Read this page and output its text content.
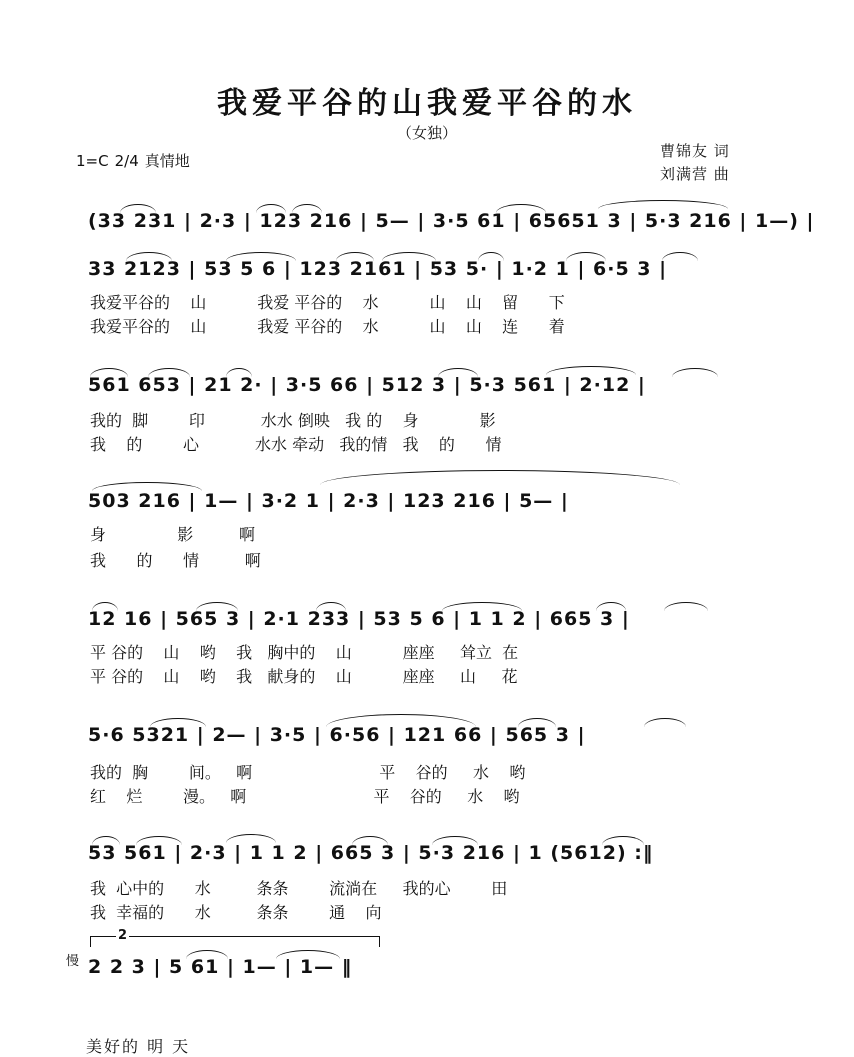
我爱平谷的山我爱平谷的水
（女独）
曹锦友 词
刘满营 曲
1=C 2/4 真情地
(33 231 | 2·3 | 123 216 | 5— | 3·5 61 | 65651 3 | 5·3 216 | 1—) |
33 2123 | 53 5 6 | 123 2161 | 53 5· | 1·2 1 | 6·5 3 |
我爱平谷的    山          我爱 平谷的    水          山    山    留      下
我爱平谷的    山          我爱 平谷的    水          山    山    连      着
561 653 | 21 2· | 3·5 66 | 512 3 | 5·3 561 | 2·12 |
我的  脚        印           水水 倒映   我 的    身            影
我    的        心           水水 牵动   我的情   我    的      情
503 216 | 1— | 3·2 1 | 2·3 | 123 216 | 5— |
身              影         啊
我      的      情         啊
12 16 | 565 3 | 2·1 233 | 53 5 6 | 1 1 2 | 665 3 |
平 谷的    山    哟    我   胸中的    山          座座     耸立  在
平 谷的    山    哟    我   献身的    山          座座     山     花
5·6 5321 | 2— | 3·5 | 6·56 | 121 66 | 565 3 |
我的  胸        间。   啊                         平    谷的     水    哟
红    烂        漫。   啊                         平    谷的     水    哟
53 561 | 2·3 | 1 1 2 | 665 3 | 5·3 216 | 1 (5612) :‖
我  心中的      水         条条        流淌在     我的心        田
我  幸福的      水         条条        通    向
慢
2
2 2 3 | 5 61 | 1— | 1— ‖
美好的 明 天
